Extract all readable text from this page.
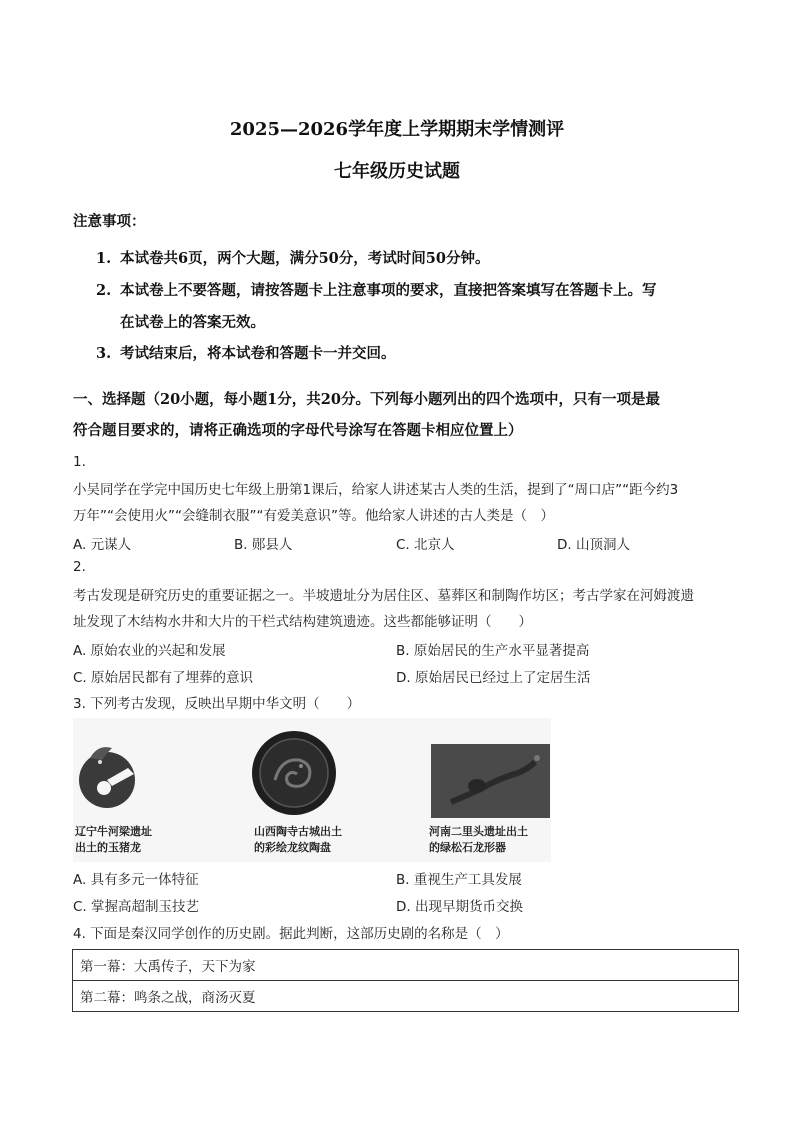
2025—2026学年度上学期期末学情测评
七年级历史试题
注意事项：
1. 本试卷共6页，两个大题，满分50分，考试时间50分钟。
2. 本试卷上不要答题，请按答题卡上注意事项的要求，直接把答案填写在答题卡上。写
在试卷上的答案无效。
3. 考试结束后，将本试卷和答题卡一并交回。
一、选择题（20小题，每小题1分，共20分。下列每小题列出的四个选项中，只有一项是最
符合题目要求的，请将正确选项的字母代号涂写在答题卡相应位置上）
1.
小吴同学在学完中国历史七年级上册第1课后，给家人讲述某古人类的生活，提到了“周口店”“距今约3
万年”“会使用火”“会缝制衣服”“有爱美意识”等。他给家人讲述的古人类是（　）
A. 元谋人	B. 郧县人	C. 北京人	D. 山顶洞人
2.
考古发现是研究历史的重要证据之一。半坡遗址分为居住区、墓葬区和制陶作坊区；考古学家在河姆渡遗
址发现了木结构水井和大片的干栏式结构建筑遗迹。这些都能够证明（　　）
A. 原始农业的兴起和发展	B. 原始居民的生产水平显著提高
C. 原始居民都有了埋葬的意识	D. 原始居民已经过上了定居生活
3. 下列考古发现，反映出早期中华文明（　　）
辽宁牛河梁遗址
出土的玉猪龙
山西陶寺古城出土
的彩绘龙纹陶盘
河南二里头遗址出土
的绿松石龙形器
A. 具有多元一体特征	B. 重视生产工具发展
C. 掌握高超制玉技艺	D. 出现早期货币交换
4. 下面是秦汉同学创作的历史剧。据此判断，这部历史剧的名称是（　）
第一幕：大禹传子，天下为家
第二幕：鸣条之战，商汤灭夏
